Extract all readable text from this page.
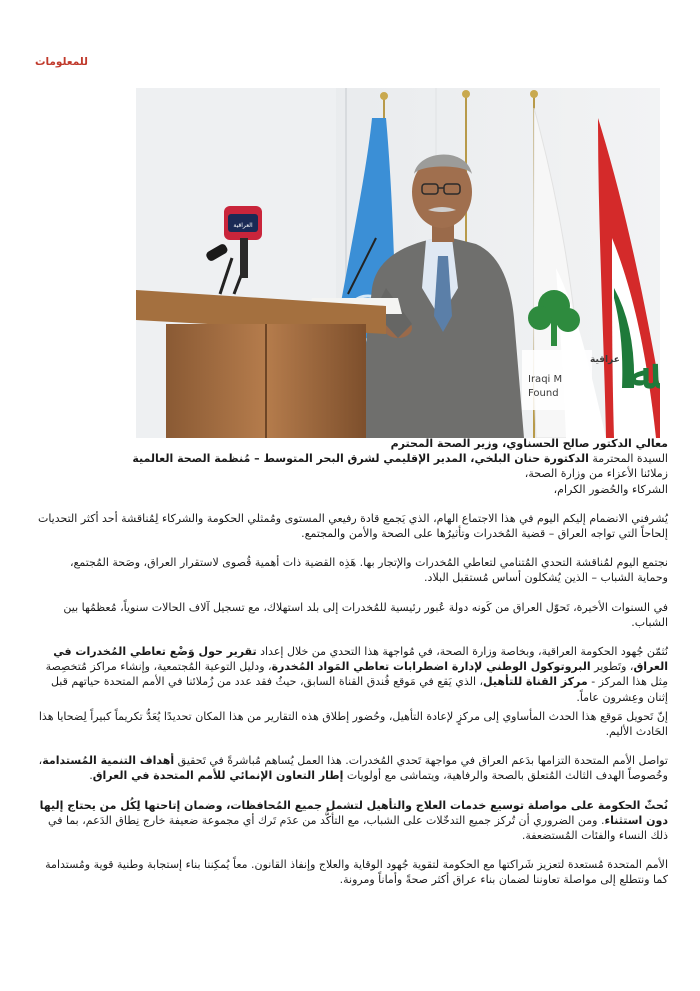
للمعلومات
ﷲ
عراقية
Iraqi M
Found
العراقية

معالي الدكتور صالح الحسناوي، وزير الصحة المحترم

السيدة المحترمة الدكتورة حنان البلخي، المدير الإقليمي لشرق البحر المتوسط – مُنظمة الصحة العالمية

زملائنا الأعزاء من وزارة الصحة،

الشركاء والحُضور الكرام،

يُشرفني الانضمام إليكم اليوم في هذا الاجتماع الهام، الذي يَجمع قادة رفيعي المستوى ومُمثلي الحكومة والشركاء لِمُناقشة أحد أكثر التحديات إلحاحاً التي تواجه العراق – قضية المُخدرات وتأثيرُها على الصحة والأمن والمجتمع.

نجتمع اليوم لمُناقشة التحدي المُتنامي لتعاطي المُخدرات والإتجار بها. هَذِه القضية ذات أهمية قُصوى لاستقرار العراق، وصَحة المُجتمع، وحماية الشباب – الذين يُشكلون أساس مُستقبل البلاد.

في السنوات الأخيرة، تَحوّل العراق من كَونه دولة عُبور رئيسية للمُخدرات إلى بلد استهلاك، مع تسجيل آلاف الحالات سنوياً، مُعظمُها بين الشباب.

نُثمّن جُهود الحكومة العراقية، وبخاصة وزارة الصحة، في مُواجهة هذا التحدي من خلال إعداد تقرير حول وَضْع تعاطي المُخدرات في العراق، وتَطوير البروتوكول الوطني لإدارة اضطرابات تعاطي المَواد المُخدرة، ودليل التوعية المُجتمعية، وإنشاء مراكز مُتخصِصة مِثل هذا المركز - مركز القناة للتأهيل، الذي يَقع في مَوقع فُندق القناة السابق، حيثُ فقد عدد من زُملائنا في الأمم المتحدة حياتهم قبل إثنان وعِشرون عاماً.

إنّ تَحويل مَوقع هذا الحدث المأساوي إلى مركزٍ لإعادة التأهيل، وحُضور إطلاق هذه التقارير من هذا المكان تحديدًا يُعَدُّ تكريماً كبيراً لِضحايا هذا الحَادث الأليم.

تواصل الأمم المتحدة التزامها بدَعم العراق في مواجهة تَحدي المُخدرات. هذا العمل يُساهم مُباشرةً في تَحقيق أهداف التنمية المُستدامة، وخُصوصاً الهدف الثالث المُتعلق بالصحة والرفاهية، ويتماشى مع أولويات إطار التعاون الإنمائي للأمم المتحدة في العراق.

نُحثّ الحكومة على مواصلة توسيع خدمات العلاج والتأهيل لتشمل جميع المُحافظات، وضمان إتاحتها لِكُل من يحتاج إليها دون استثناء. ومن الضروري أن تُركز جميع التدخّلات على الشباب، مع التأكُّد من عدَم تَرك أي مجموعة ضعيفة خارج نِطاق الدَعم، بما في ذلك النساء والفئات المُستضعفة.

الأمم المتحدة مُستعدة لتعزيز شَراكتها مع الحكومة لتقوية جُهود الوقاية والعلاج وإنفاذ القانون. معاً يُمكِننا بناء إستجابة وطنية قوية ومُستدامة كما ونتطلع إلى مواصلة تعاوننا لضمان بناء عراق أكثر صحةً وأماناً ومرونة.
